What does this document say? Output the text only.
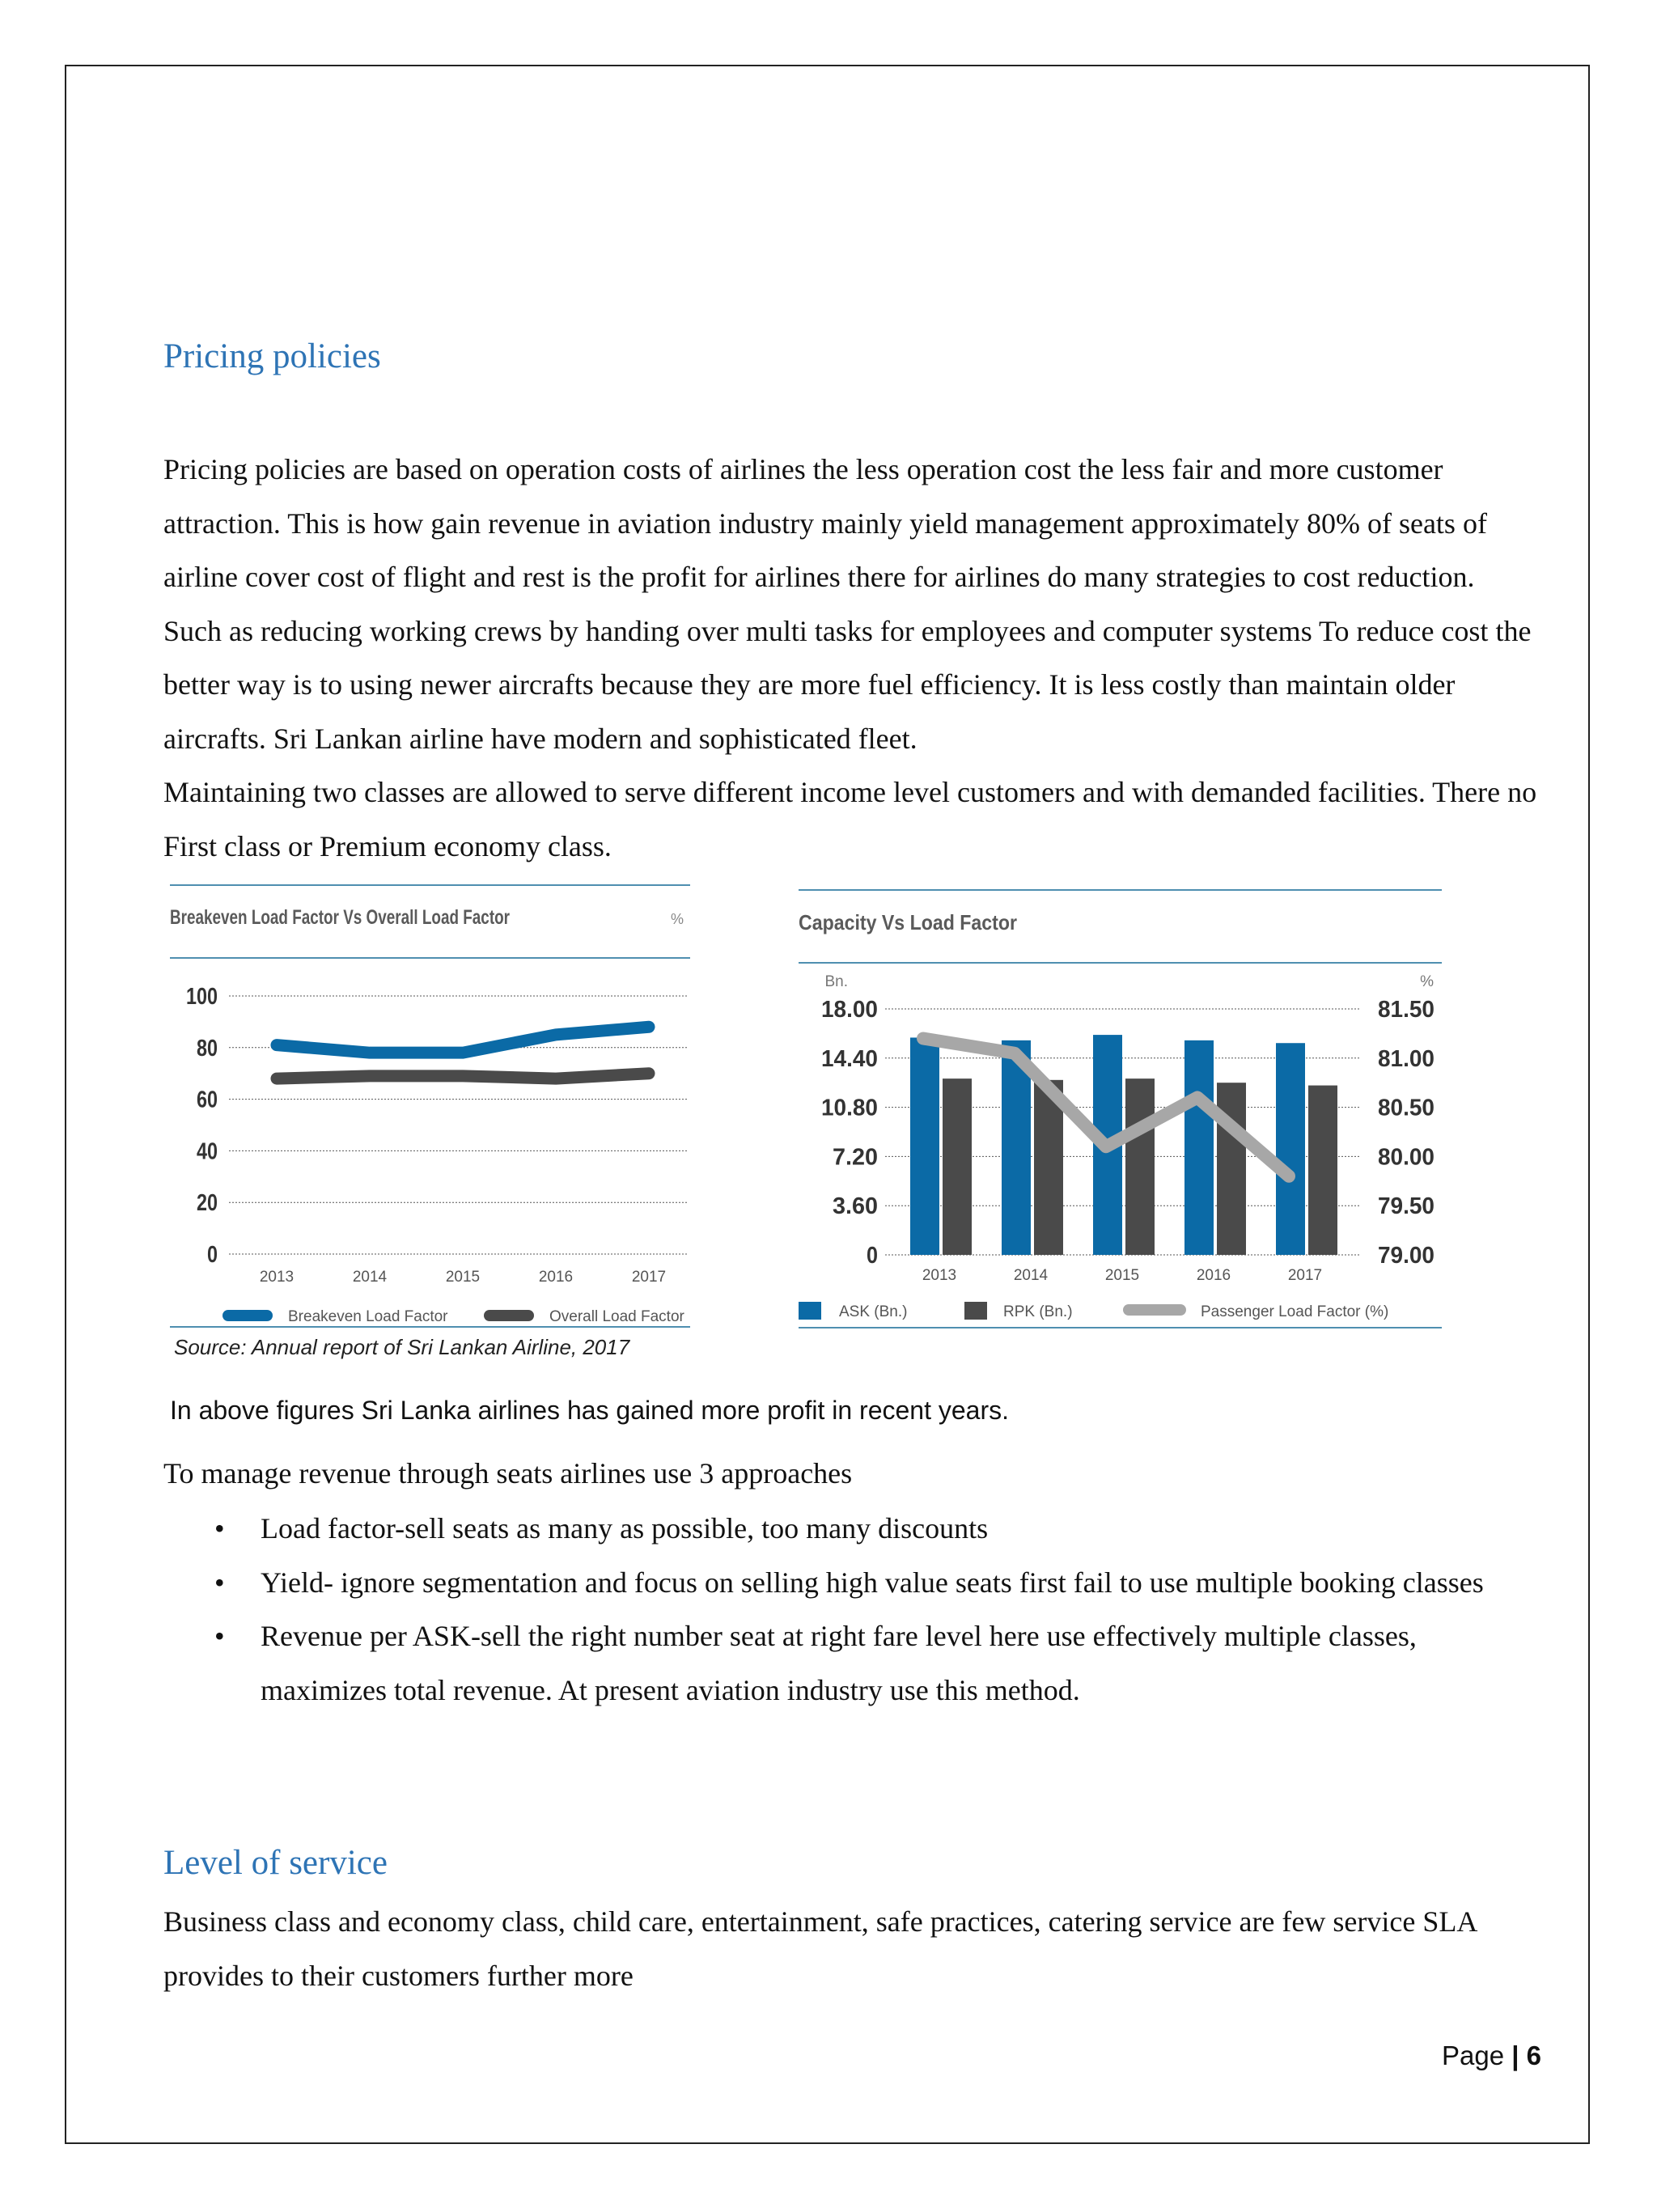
Pricing policies

Pricing policies are based on operation costs of airlines the less operation cost the less fair and more customer attraction. This is how gain revenue in aviation industry mainly yield management approximately 80% of seats of airline cover cost of flight and rest is the profit for airlines there for airlines do many strategies to cost reduction. Such as reducing working crews by handing over multi tasks for employees and computer systems To reduce cost the better way is to using newer aircrafts because they are more fuel efficiency. It is less costly than maintain older aircrafts. Sri Lankan airline have modern and sophisticated fleet.

Maintaining two classes are allowed to serve different income level customers and with demanded facilities. There no First class or Premium economy class.

Breakeven Load Factor Vs Overall Load Factor	%
100
80
60
40
20
0
2013	2014	2015	2016	2017
Breakeven Load Factor	Overall Load Factor
Capacity Vs Load Factor
Bn.	%
18.00
14.40
10.80
7.20
3.60
0
81.50
81.00
80.50
80.00
79.50
79.00
2013	2014	2015	2016	2017
ASK (Bn.)	RPK (Bn.)	Passenger Load Factor (%)
Source: Annual report of Sri Lankan Airline, 2017
In above figures Sri Lanka airlines has gained more profit in recent years.
To manage revenue through seats airlines use 3 approaches
• Load factor-sell seats as many as possible, too many discounts
• Yield- ignore segmentation and focus on selling high value seats first fail to use multiple booking classes
• Revenue per ASK-sell the right number seat at right fare level here use effectively multiple classes, maximizes total revenue. At present aviation industry use this method.
Level of service
Business class and economy class, child care, entertainment, safe practices, catering service are few service SLA provides to their customers further more
Page | 6
